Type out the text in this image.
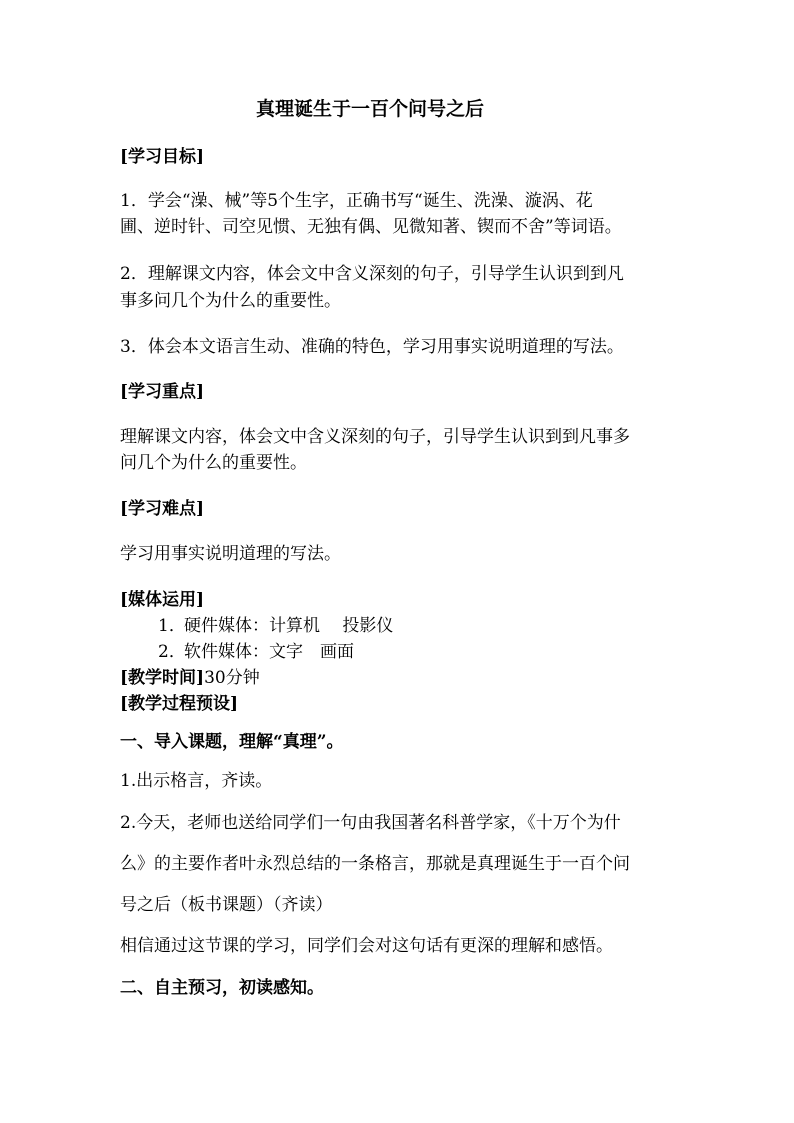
真理诞生于一百个问号之后

[学习目标]

1．学会“澡、械”等5个生字，正确书写“诞生、洗澡、漩涡、花

圃、逆时针、司空见惯、无独有偶、见微知著、锲而不舍”等词语。

2．理解课文内容，体会文中含义深刻的句子，引导学生认识到到凡

事多问几个为什么的重要性。

3．体会本文语言生动、准确的特色，学习用事实说明道理的写法。

[学习重点]

理解课文内容，体会文中含义深刻的句子，引导学生认识到到凡事多

问几个为什么的重要性。

[学习难点]

学习用事实说明道理的写法。

[媒体运用]

1．硬件媒体：计算机　 投影仪

2．软件媒体：文字　画面

[教学时间]30分钟

[教学过程预设]

一、导入课题，理解“真理”。

1.出示格言，齐读。

2.今天，老师也送给同学们一句由我国著名科普学家，《十万个为什

么》的主要作者叶永烈总结的一条格言，那就是真理诞生于一百个问

号之后（板书课题）（齐读）

相信通过这节课的学习，同学们会对这句话有更深的理解和感悟。

二、自主预习，初读感知。
